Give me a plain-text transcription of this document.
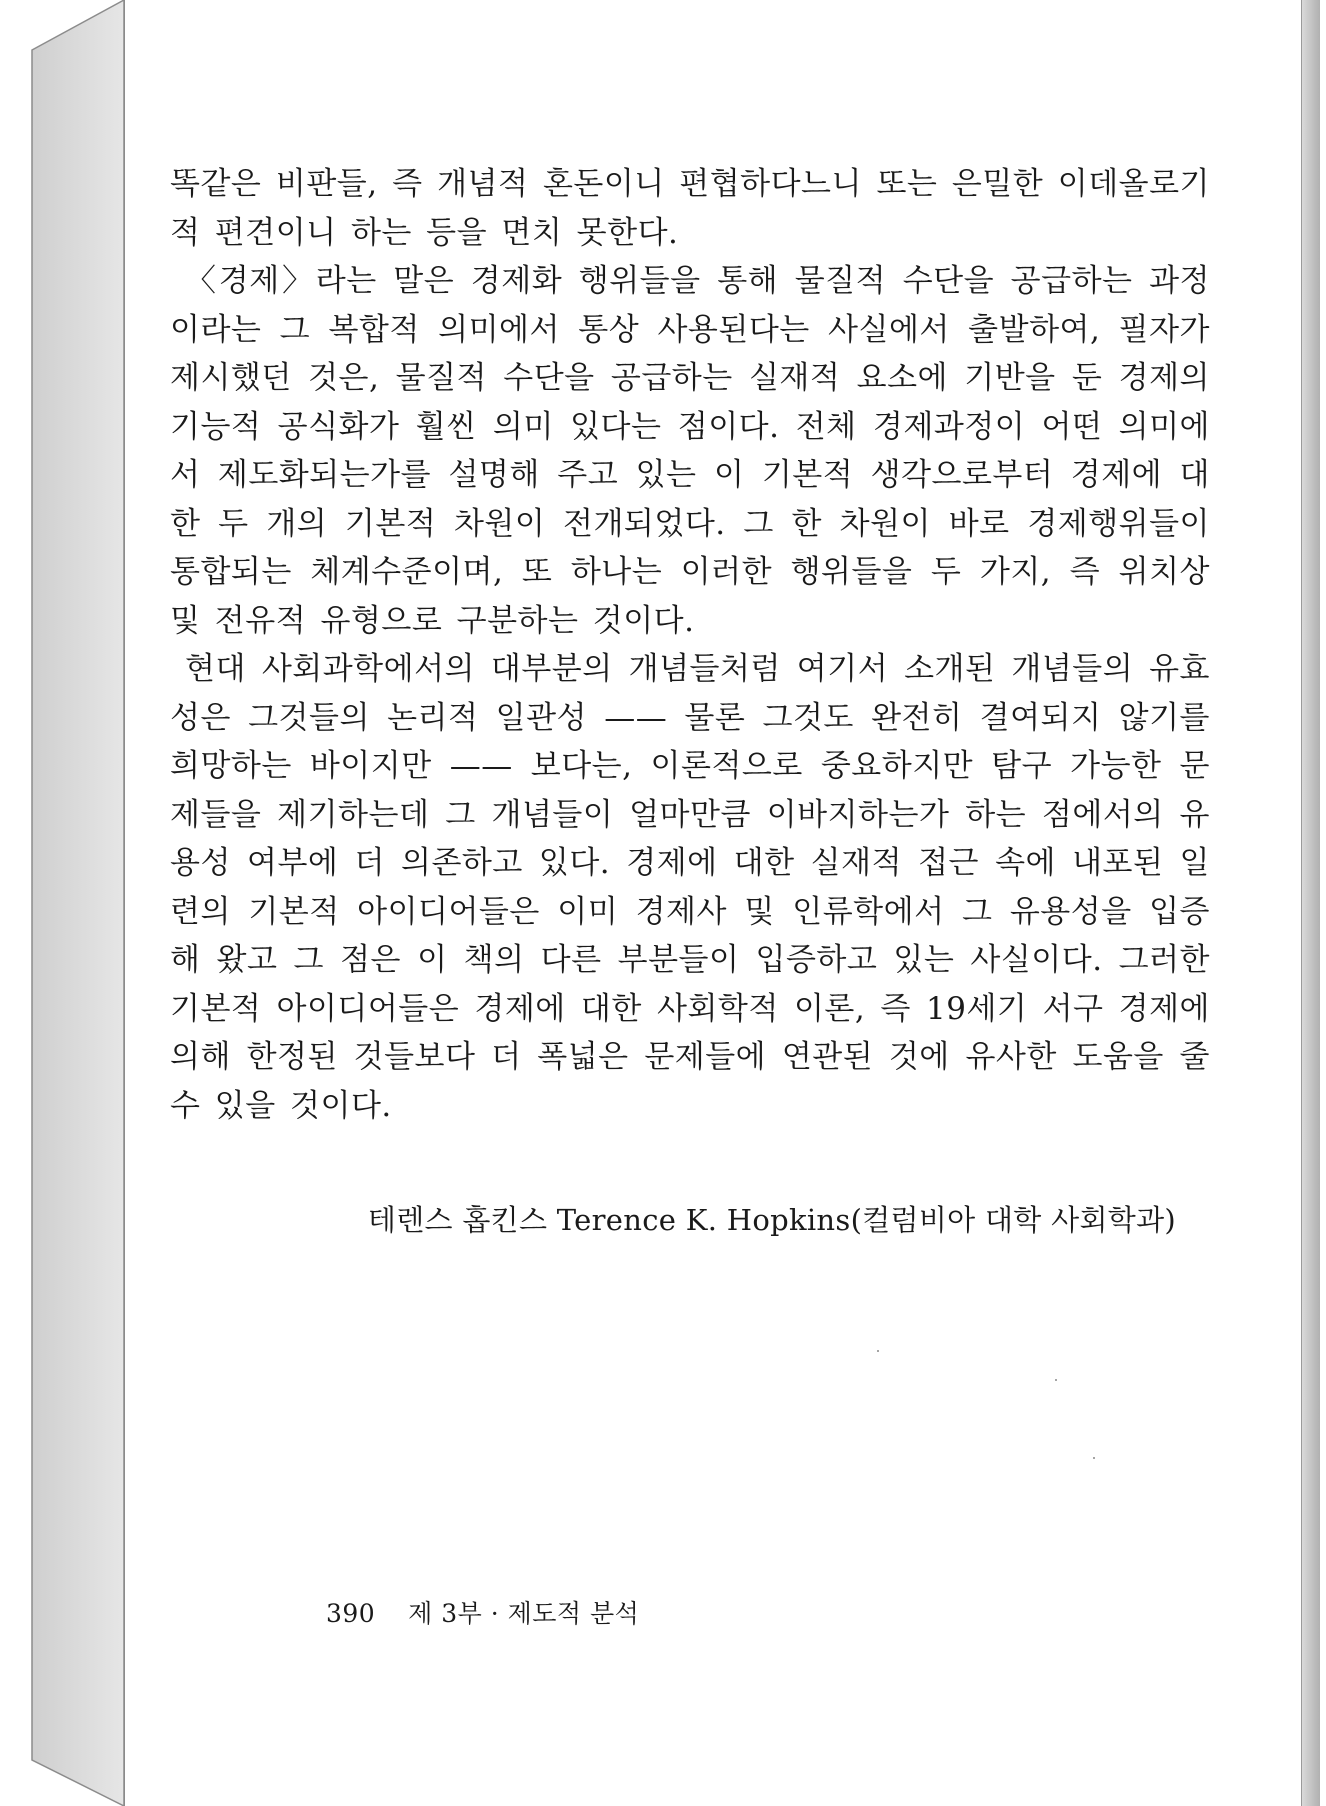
똑같은 비판들, 즉 개념적 혼돈이니 편협하다느니 또는 은밀한 이데올로기적 편견이니 하는 등을 면치 못한다.

〈경제〉라는 말은 경제화 행위들을 통해 물질적 수단을 공급하는 과정이라는 그 복합적 의미에서 통상 사용된다는 사실에서 출발하여, 필자가 제시했던 것은, 물질적 수단을 공급하는 실재적 요소에 기반을 둔 경제의 기능적 공식화가 훨씬 의미 있다는 점이다. 전체 경제과정이 어떤 의미에서 제도화되는가를 설명해 주고 있는 이 기본적 생각으로부터 경제에 대한 두 개의 기본적 차원이 전개되었다. 그 한 차원이 바로 경제행위들이 통합되는 체계수준이며, 또 하나는 이러한 행위들을 두 가지, 즉 위치상 및 전유적 유형으로 구분하는 것이다.

현대 사회과학에서의 대부분의 개념들처럼 여기서 소개된 개념들의 유효성은 그것들의 논리적 일관성 —— 물론 그것도 완전히 결여되지 않기를 희망하는 바이지만 —— 보다는, 이론적으로 중요하지만 탐구 가능한 문제들을 제기하는데 그 개념들이 얼마만큼 이바지하는가 하는 점에서의 유용성 여부에 더 의존하고 있다. 경제에 대한 실재적 접근 속에 내포된 일련의 기본적 아이디어들은 이미 경제사 및 인류학에서 그 유용성을 입증해 왔고 그 점은 이 책의 다른 부분들이 입증하고 있는 사실이다. 그러한 기본적 아이디어들은 경제에 대한 사회학적 이론, 즉 19세기 서구 경제에 의해 한정된 것들보다 더 폭넓은 문제들에 연관된 것에 유사한 도움을 줄 수 있을 것이다.

테렌스 홉킨스 Terence K. Hopkins(컬럼비아 대학 사회학과)
390 제 3부 · 제도적 분석
